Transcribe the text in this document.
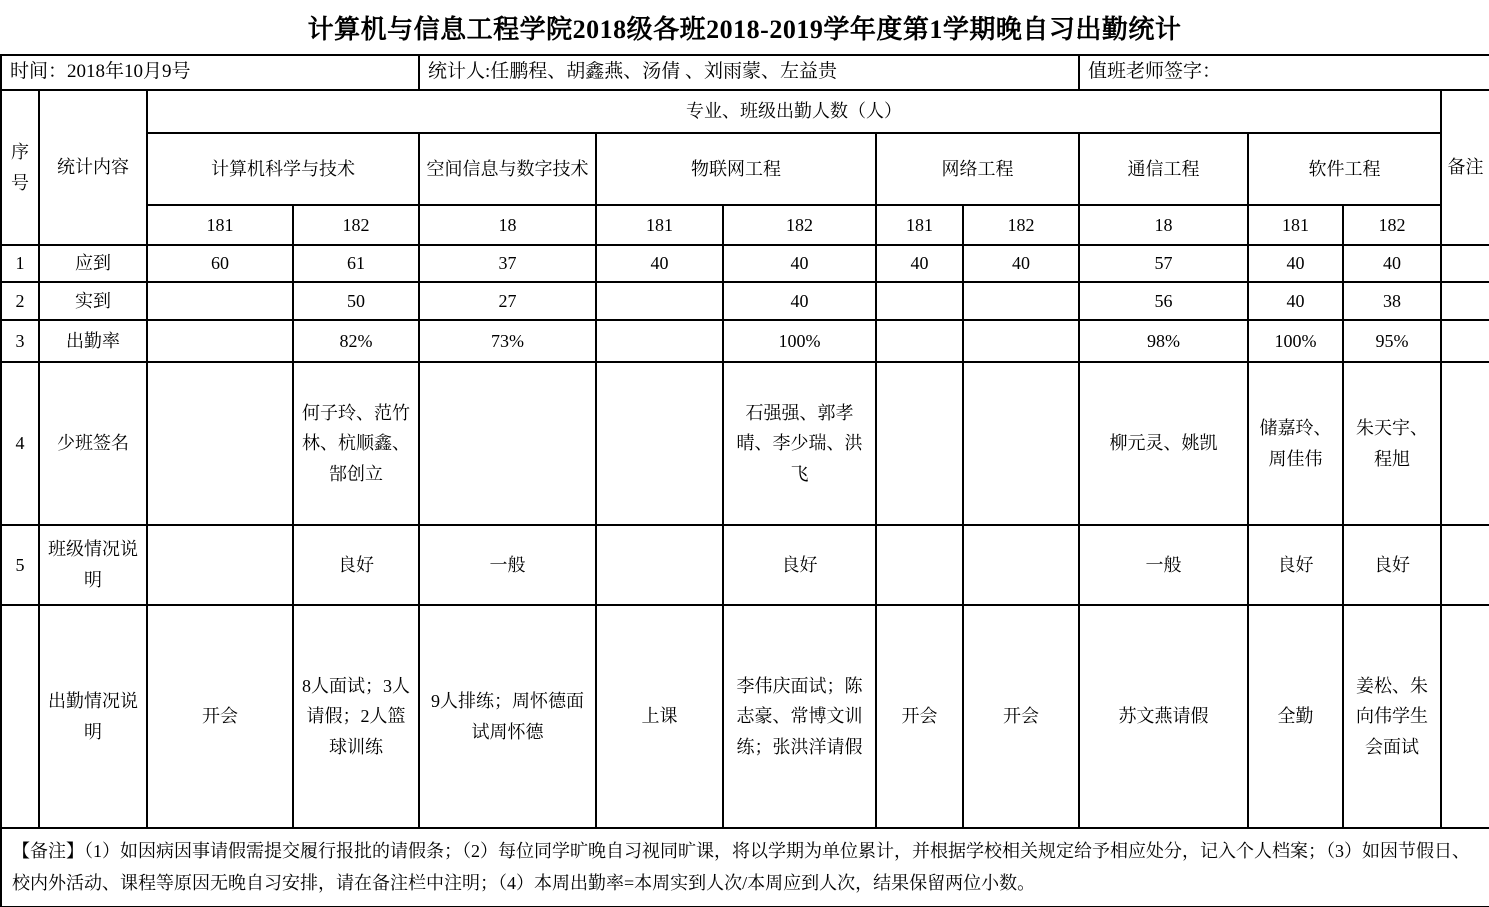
计算机与信息工程学院2018级各班2018-2019学年度第1学期晚自习出勤统计
时间：2018年10月9号				统计人:任鹏程、胡鑫燕、汤倩 、刘雨蒙、左益贵					值班老师签字：			
序号	统计内容	专业、班级出勤人数（人）										备注
		计算机科学与技术		空间信息与数字技术	物联网工程		网络工程		通信工程	软件工程		
		181	182	18	181	182	181	182	18	181	182	
1	应到	60	61	37	40	40	40	40	57	40	40	
2	实到		50	27		40			56	40	38	
3	出勤率		82%	73%		100%			98%	100%	95%	
4	少班签名		何子玲、范竹林、杭顺鑫、郜创立			石强强、郭孝晴、李少瑞、洪飞			柳元灵、姚凯	储嘉玲、周佳伟	朱天宇、程旭	
5	班级情况说明		良好	一般		良好			一般	良好	良好	
	出勤情况说明	开会	8人面试；3人请假；2人篮球训练	9人排练；周怀德面试周怀德	上课	李伟庆面试；陈志豪、常博文训练；张洪洋请假	开会	开会	苏文燕请假	全勤	姜松、朱向伟学生会面试	
【备注】（1）如因病因事请假需提交履行报批的请假条；（2）每位同学旷晚自习视同旷课，将以学期为单位累计，并根据学校相关规定给予相应处分，记入个人档案；（3）如因节假日、校内外活动、课程等原因无晚自习安排，请在备注栏中注明；（4）本周出勤率=本周实到人次/本周应到人次，结果保留两位小数。												
